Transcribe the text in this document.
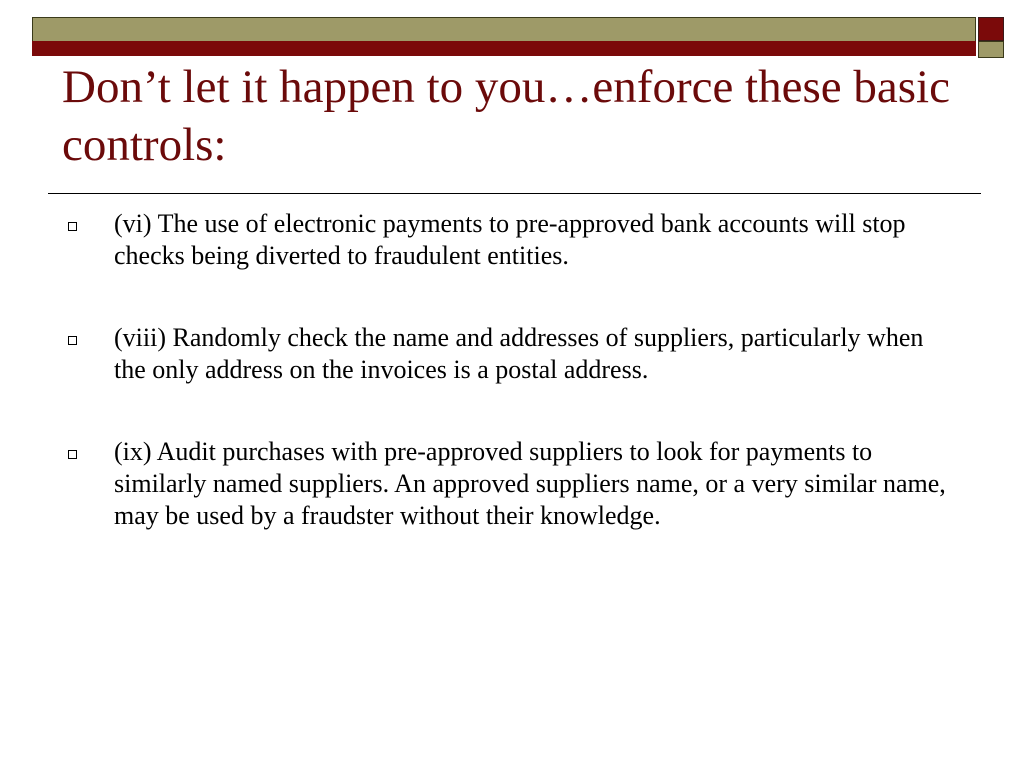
Don’t let it happen to you…enforce these basic controls:
(vi) The use of electronic payments to pre-approved bank accounts will stop checks being diverted to fraudulent entities.
(viii) Randomly check the name and addresses of suppliers, particularly when the only address on the invoices is a postal address.
(ix) Audit purchases with pre-approved suppliers to look for payments to similarly named suppliers. An approved suppliers name, or a very similar name, may be used by a fraudster without their knowledge.
